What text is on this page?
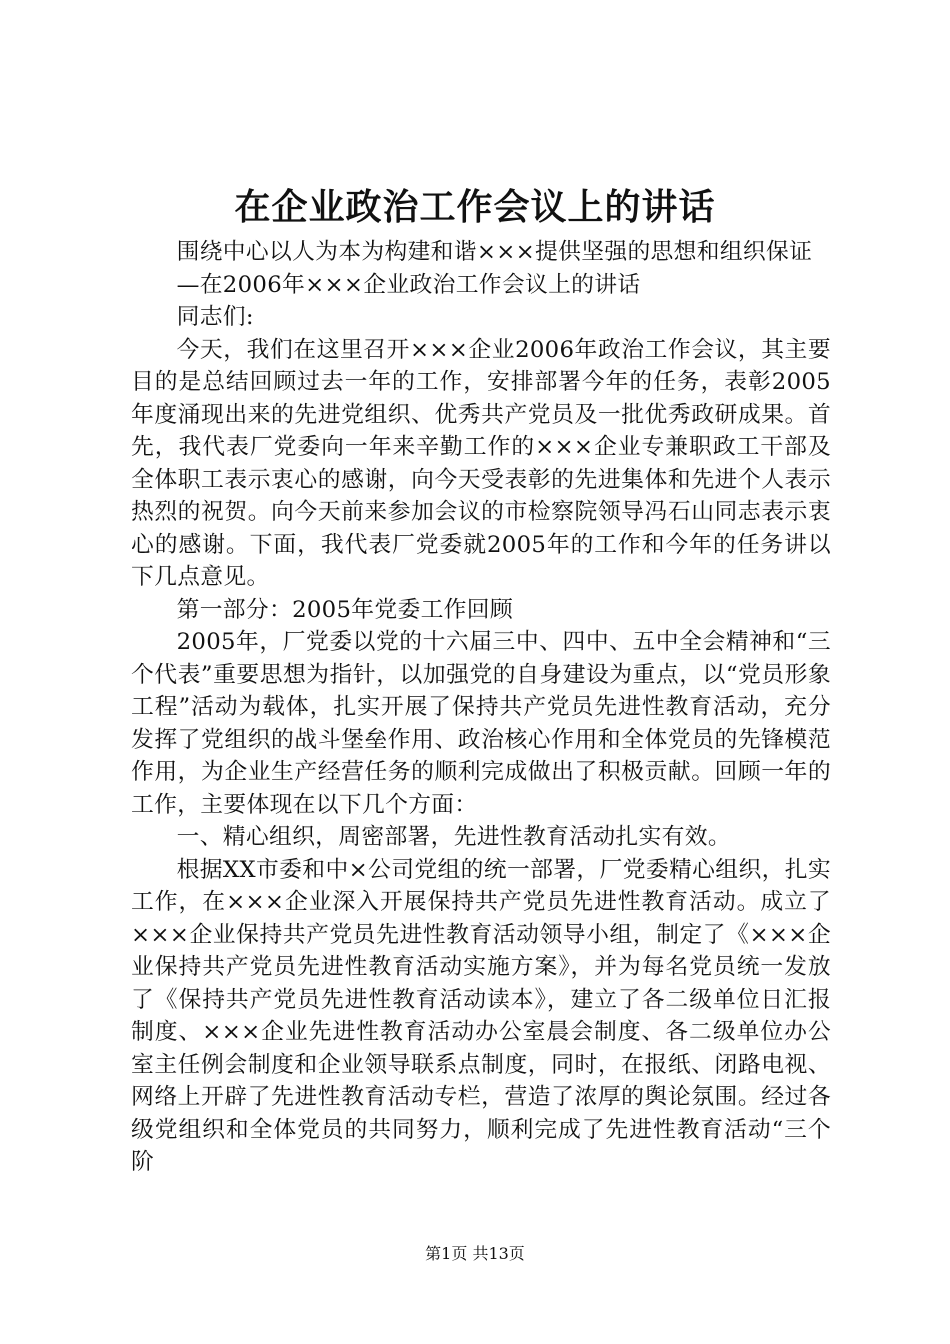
在企业政治工作会议上的讲话

围绕中心以人为本为构建和谐×××提供坚强的思想和组织保证

—在2006年×××企业政治工作会议上的讲话

同志们:

今天，我们在这里召开×××企业2006年政治工作会议，其主要目的是总结回顾过去一年的工作，安排部署今年的任务，表彰2005年度涌现出来的先进党组织、优秀共产党员及一批优秀政研成果。首先，我代表厂党委向一年来辛勤工作的×××企业专兼职政工干部及全体职工表示衷心的感谢，向今天受表彰的先进集体和先进个人表示热烈的祝贺。向今天前来参加会议的市检察院领导冯石山同志表示衷心的感谢。下面，我代表厂党委就2005年的工作和今年的任务讲以下几点意见。

第一部分：2005年党委工作回顾

2005年，厂党委以党的十六届三中、四中、五中全会精神和“三个代表”重要思想为指针，以加强党的自身建设为重点，以“党员形象工程”活动为载体，扎实开展了保持共产党员先进性教育活动，充分发挥了党组织的战斗堡垒作用、政治核心作用和全体党员的先锋模范作用，为企业生产经营任务的顺利完成做出了积极贡献。回顾一年的工作，主要体现在以下几个方面：

一、精心组织，周密部署，先进性教育活动扎实有效。

根据XX市委和中×公司党组的统一部署，厂党委精心组织，扎实工作，在×××企业深入开展保持共产党员先进性教育活动。成立了×××企业保持共产党员先进性教育活动领导小组，制定了《×××企业保持共产党员先进性教育活动实施方案》，并为每名党员统一发放了《保持共产党员先进性教育活动读本》，建立了各二级单位日汇报制度、×××企业先进性教育活动办公室晨会制度、各二级单位办公室主任例会制度和企业领导联系点制度，同时，在报纸、闭路电视、网络上开辟了先进性教育活动专栏，营造了浓厚的舆论氛围。经过各级党组织和全体党员的共同努力，顺利完成了先进性教育活动“三个阶

第1页 共13页
